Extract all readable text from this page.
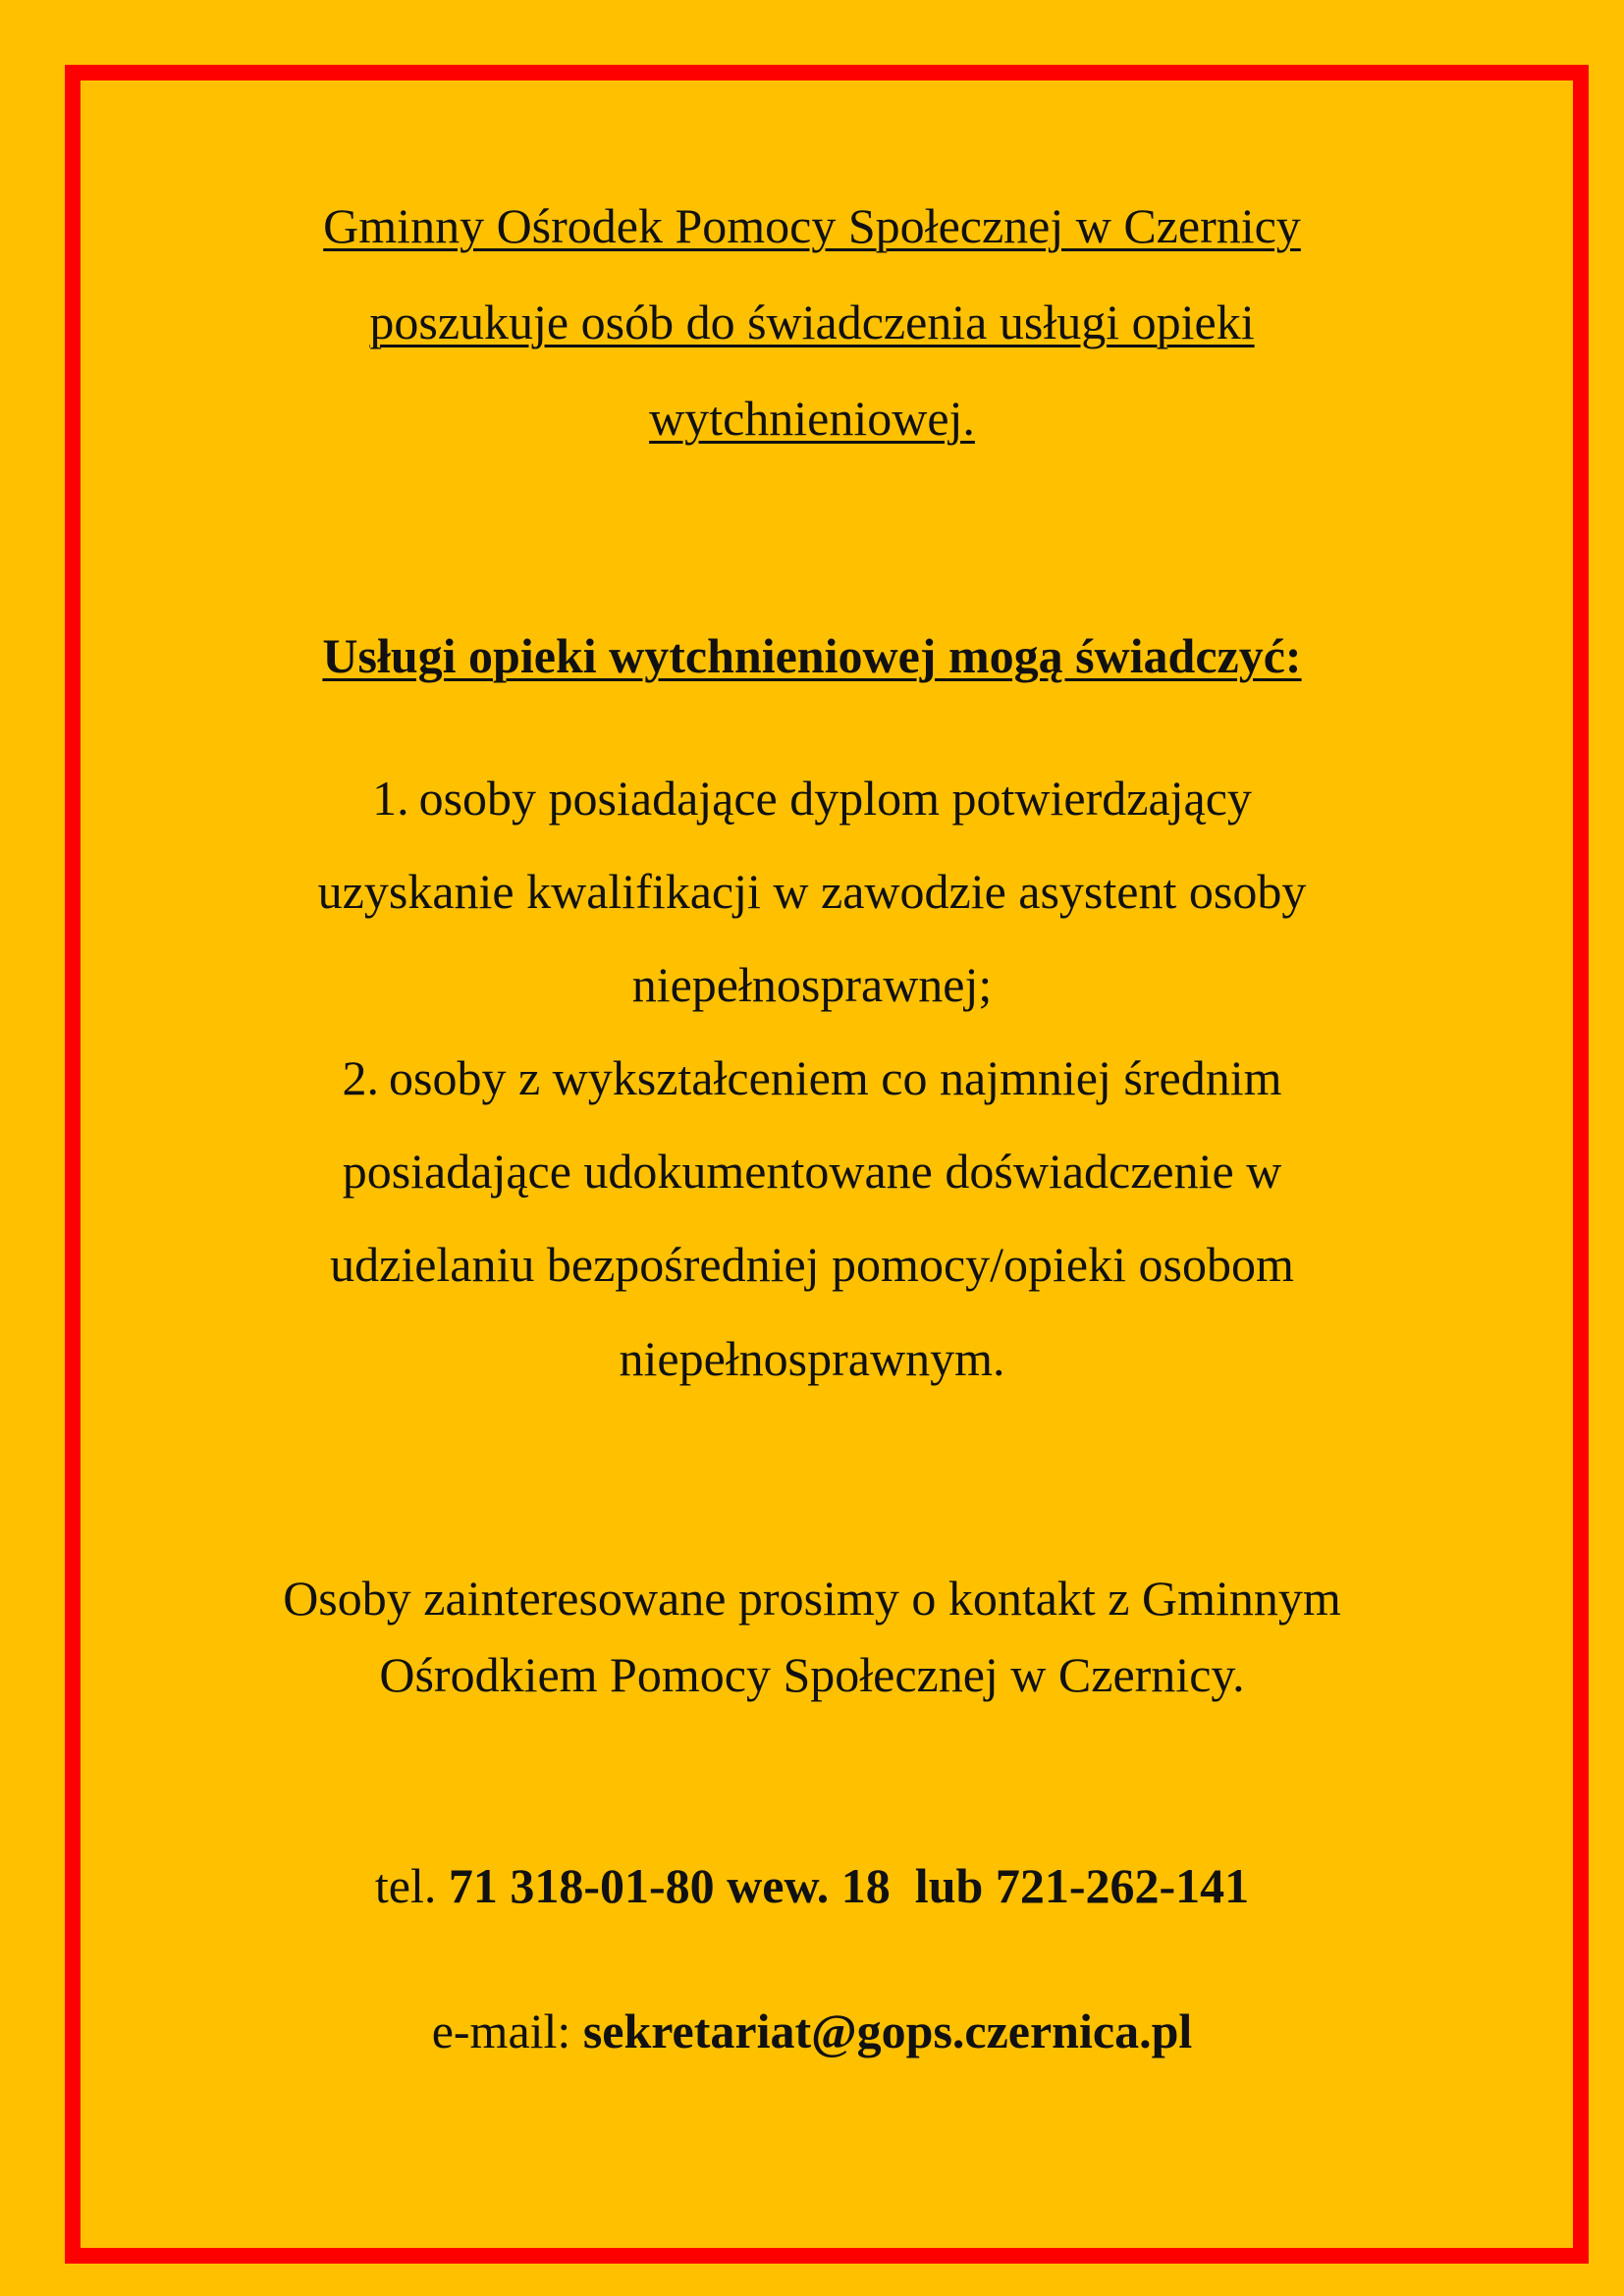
Gminny Ośrodek Pomocy Społecznej w Czernicy
poszukuje osób do świadczenia usługi opieki
wytchnieniowej.
Usługi opieki wytchnieniowej mogą świadczyć:
1. osoby posiadające dyplom potwierdzający
uzyskanie kwalifikacji w zawodzie asystent osoby
niepełnosprawnej;
2. osoby z wykształceniem co najmniej średnim
posiadające udokumentowane doświadczenie w
udzielaniu bezpośredniej pomocy/opieki osobom
niepełnosprawnym.
Osoby zainteresowane prosimy o kontakt z Gminnym
Ośrodkiem Pomocy Społecznej w Czernicy.
tel. 71 318-01-80 wew. 18  lub 721-262-141
e-mail: sekretariat@gops.czernica.pl
